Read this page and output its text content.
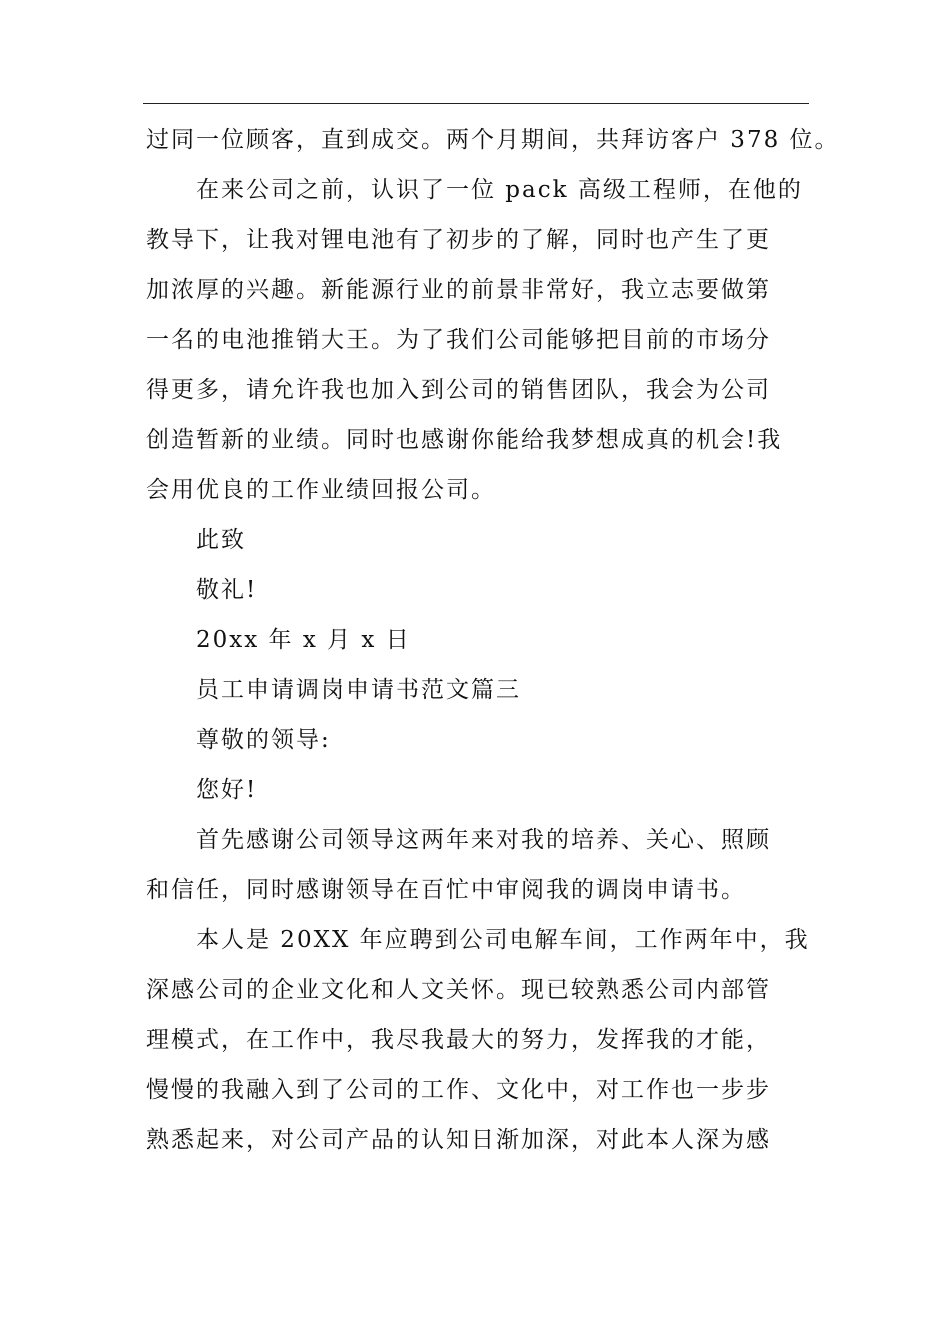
过同一位顾客，直到成交。两个月期间，共拜访客户 378 位。
在来公司之前，认识了一位 pack 高级工程师，在他的
教导下，让我对锂电池有了初步的了解，同时也产生了更
加浓厚的兴趣。新能源行业的前景非常好，我立志要做第
一名的电池推销大王。为了我们公司能够把目前的市场分
得更多，请允许我也加入到公司的销售团队，我会为公司
创造暂新的业绩。同时也感谢你能给我梦想成真的机会!我
会用优良的工作业绩回报公司。
此致
敬礼!
20xx 年 x 月 x 日
员工申请调岗申请书范文篇三
尊敬的领导:
您好!
首先感谢公司领导这两年来对我的培养、关心、照顾
和信任，同时感谢领导在百忙中审阅我的调岗申请书。
本人是 20XX 年应聘到公司电解车间，工作两年中，我
深感公司的企业文化和人文关怀。现已较熟悉公司内部管
理模式，在工作中，我尽我最大的努力，发挥我的才能，
慢慢的我融入到了公司的工作、文化中，对工作也一步步
熟悉起来，对公司产品的认知日渐加深，对此本人深为感
